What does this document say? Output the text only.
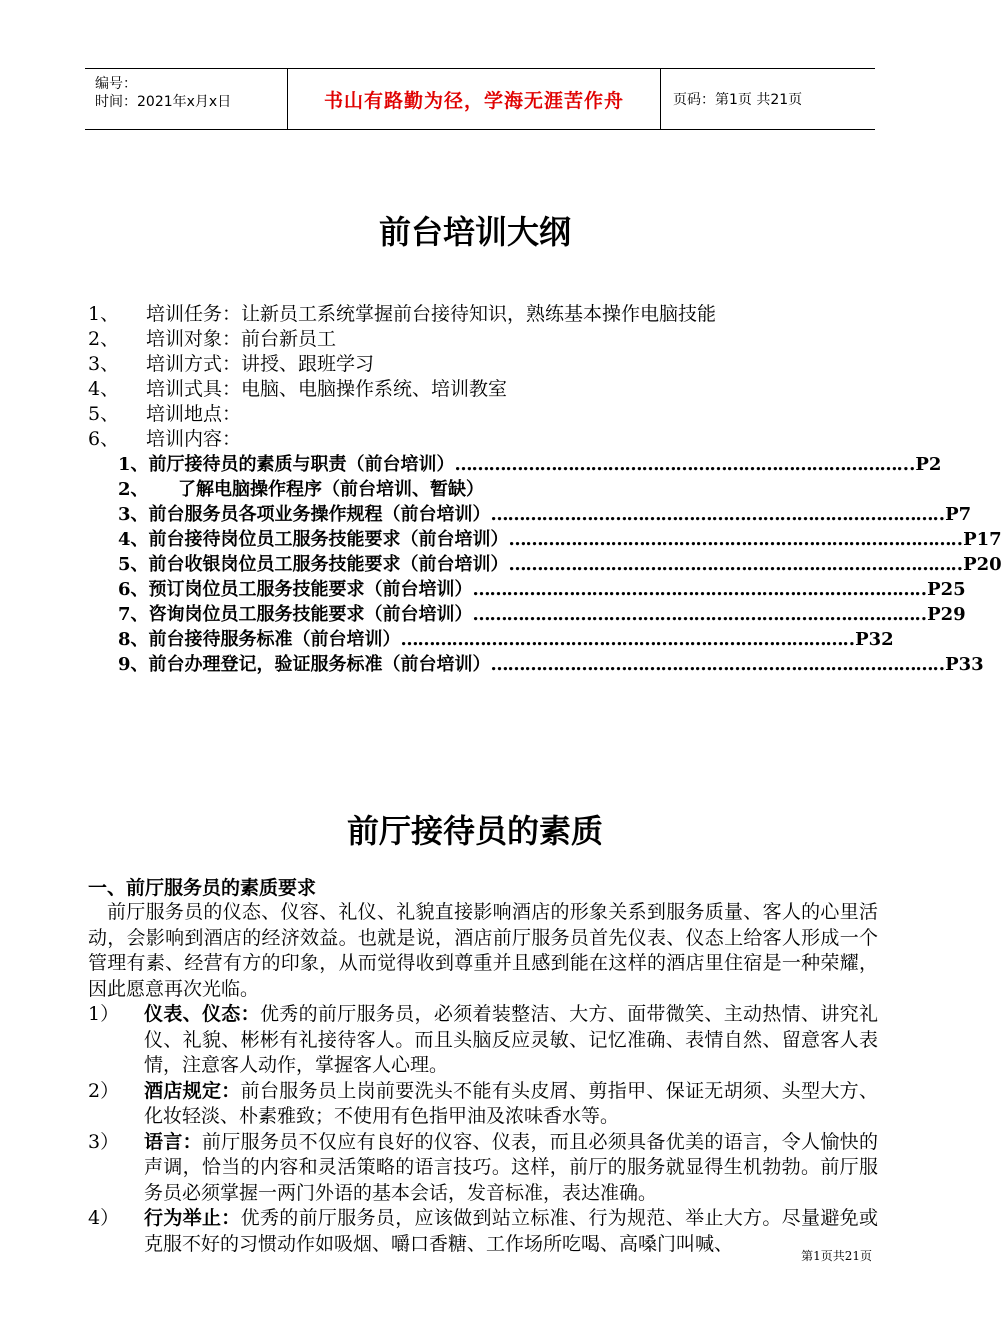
编号：
时间：2021年x月x日	书山有路勤为径，学海无涯苦作舟	页码：第1页 共21页
前台培训大纲
1、	培训任务：让新员工系统掌握前台接待知识，熟练基本操作电脑技能
2、	培训对象：前台新员工
3、	培训方式：讲授、跟班学习
4、	培训式具：电脑、电脑操作系统、培训教室
5、	培训地点：
6、	培训内容：
1、 前厅接待员的素质与职责（前台培训） …………………………………………………………………… ...P2
2、	了解电脑操作程序（前台培训、暂缺）
3、 前台服务员各项业务操作规程（前台培训） …………………………………………………………………… ..P7
4、 前台接待岗位员工服务技能要求（前台培训） …………………………………………………………………… ..P17
5、 前台收银岗位员工服务技能要求（前台培训） …………………………………………………………………… ..P20
6、 预订岗位员工服务技能要求（前台培训） …………………………………………………………………… ..P25
7、 咨询岗位员工服务技能要求（前台培训） …………………………………………………………………… ..P29
8、 前台接待服务标准（前台培训） …………………………………………………………………… ..P32
9、 前台办理登记，验证服务标准（前台培训） …………………………………………………………………… ..P33
前厅接待员的素质
一、前厅服务员的素质要求

前厅服务员的仪态、仪容、礼仪、礼貌直接影响酒店的形象关系到服务质量、客人的心里活动，会影响到酒店的经济效益。也就是说，酒店前厅服务员首先仪表、仪态上给客人形成一个管理有素、经营有方的印象，从而觉得收到尊重并且感到能在这样的酒店里住宿是一种荣耀，因此愿意再次光临。

1）	仪表、仪态：优秀的前厅服务员，必须着装整洁、大方、面带微笑、主动热情、讲究礼仪、礼貌、彬彬有礼接待客人。而且头脑反应灵敏、记忆准确、表情自然、留意客人表情，注意客人动作，掌握客人心理。
2）	酒店规定：前台服务员上岗前要洗头不能有头皮屑、剪指甲、保证无胡须、头型大方、化妆轻淡、朴素雅致；不使用有色指甲油及浓味香水等。
3）	语言：前厅服务员不仅应有良好的仪容、仪表，而且必须具备优美的语言，令人愉快的声调，恰当的内容和灵活策略的语言技巧。这样，前厅的服务就显得生机勃勃。前厅服务员必须掌握一两门外语的基本会话，发音标准，表达准确。
4）	行为举止：优秀的前厅服务员，应该做到站立标准、行为规范、举止大方。尽量避免或克服不好的习惯动作如吸烟、嚼口香糖、工作场所吃喝、高嗓门叫喊、
第1页共21页
